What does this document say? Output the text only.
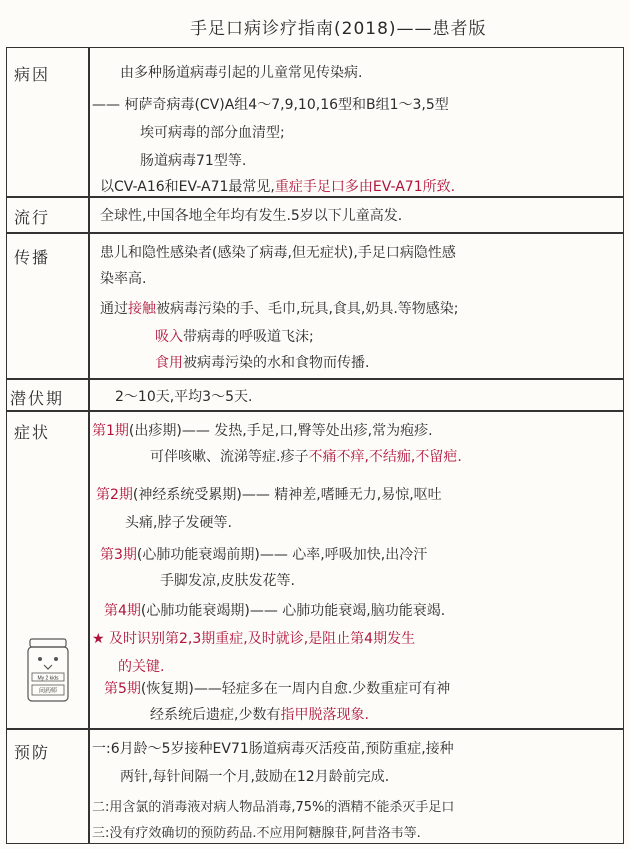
手足口病诊疗指南(2018)——患者版
病因	由多种肠道病毒引起的儿童常见传染病.
—— 柯萨奇病毒(CV)A组4～7,9,10,16型和B组1～3,5型
埃可病毒的部分血清型;
肠道病毒71型等.
以CV-A16和EV-A71最常见,重症手足口多由EV-A71所致.
流行	全球性,中国各地全年均有发生.5岁以下儿童高发.
传播	患儿和隐性感染者(感染了病毒,但无症状),手足口病隐性感
染率高.
通过接触被病毒污染的手、毛巾,玩具,食具,奶具.等物感染;
吸入带病毒的呼吸道飞沫;
食用被病毒污染的水和食物而传播.
潜伏期	2～10天,平均3～5天.
症状	第1期(出疹期)—— 发热,手足,口,臀等处出疹,常为疱疹.
可伴咳嗽、流涕等症.疹子不痛不痒,不结痂,不留疤.
第2期(神经系统受累期)—— 精神差,嗜睡无力,易惊,呕吐
头痛,脖子发硬等.
第3期(心肺功能衰竭前期)—— 心率,呼吸加快,出冷汗
手脚发凉,皮肤发花等.
第4期(心肺功能衰竭期)—— 心肺功能衰竭,脑功能衰竭.
★ 及时识别第2,3期重症,及时就诊,是阻止第4期发生
的关键.
第5期(恢复期)——轻症多在一周内自愈.少数重症可有神
经系统后遗症,少数有指甲脱落现象.
My 2 kids
问药师
预防	一:6月龄～5岁接种EV71肠道病毒灭活疫苗,预防重症,接种
两针,每针间隔一个月,鼓励在12月龄前完成.
二:用含氯的消毒液对病人物品消毒,75%的酒精不能杀灭手足口
三:没有疗效确切的预防药品.不应用阿糖腺苷,阿昔洛韦等.
